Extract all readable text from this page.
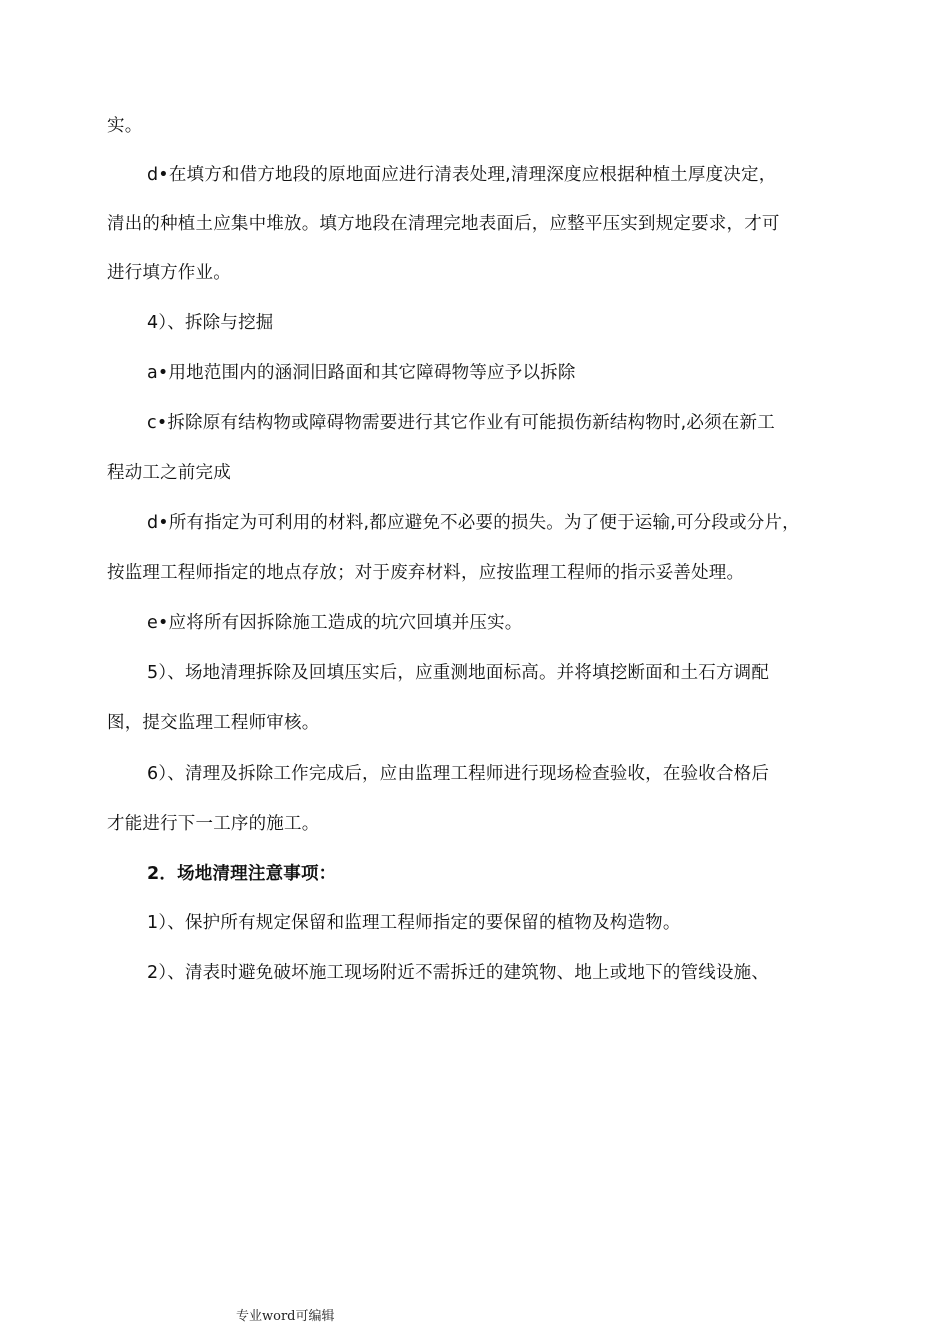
实。
d•在填方和借方地段的原地面应进行清表处理,清理深度应根据种植土厚度决定，
清出的种植土应集中堆放。填方地段在清理完地表面后，应整平压实到规定要求，才可
进行填方作业。
4）、拆除与挖掘
a•用地范围内的涵洞旧路面和其它障碍物等应予以拆除
c•拆除原有结构物或障碍物需要进行其它作业有可能损伤新结构物时,必须在新工
程动工之前完成
d•所有指定为可利用的材料,都应避免不必要的损失。为了便于运输,可分段或分片，
按监理工程师指定的地点存放；对于废弃材料，应按监理工程师的指示妥善处理。
e•应将所有因拆除施工造成的坑穴回填并压实。
5）、场地清理拆除及回填压实后，应重测地面标高。并将填挖断面和土石方调配
图，提交监理工程师审核。
6）、清理及拆除工作完成后，应由监理工程师进行现场检查验收，在验收合格后
才能进行下一工序的施工。
2．场地清理注意事项：
1）、保护所有规定保留和监理工程师指定的要保留的植物及构造物。
2）、清表时避免破坏施工现场附近不需拆迁的建筑物、地上或地下的管线设施、
专业word可编辑
